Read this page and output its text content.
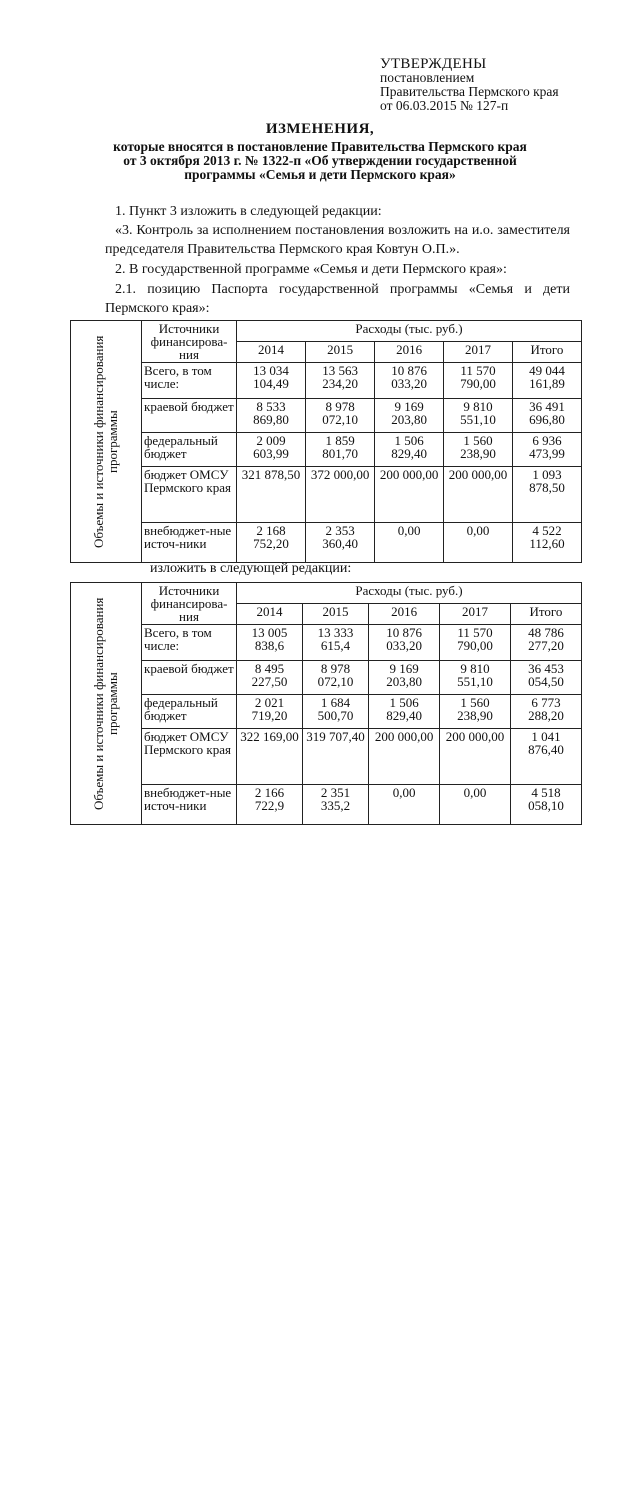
УТВЕРЖДЕНЫ
постановлением
Правительства Пермского края
от 06.03.2015 № 127-п
ИЗМЕНЕНИЯ,
которые вносятся в постановление Правительства Пермского края
от 3 октября 2013 г. № 1322-п «Об утверждении государственной
программы «Семья и дети Пермского края»
1. Пункт 3 изложить в следующей редакции:
«3. Контроль за исполнением постановления возложить на и.о. заместителя председателя Правительства Пермского края Ковтун О.П.».
2. В государственной программе «Семья и дети Пермского края»:
2.1. позицию Паспорта государственной программы «Семья и дети Пермского края»:
Объемы и источники финансирования программы	Источники финансирова-ния	Расходы (тыс. руб.)				
		2014	2015	2016	2017	Итого
	Всего, в том числе:	13 034 104,49	13 563 234,20	10 876 033,20	11 570 790,00	49 044 161,89
	краевой бюджет	8 533 869,80	8 978 072,10	9 169 203,80	9 810 551,10	36 491 696,80
	федеральный бюджет	2 009 603,99	1 859 801,70	1 506 829,40	1 560 238,90	6 936 473,99
	бюджет ОМСУ Пермского края	321 878,50	372 000,00	200 000,00	200 000,00	1 093 878,50
	внебюджет-ные источ-ники	2 168 752,20	2 353 360,40	0,00	0,00	4 522 112,60
изложить в следующей редакции:
Объемы и источники финансирования программы	Источники финансирова-ния	Расходы (тыс. руб.)				
		2014	2015	2016	2017	Итого
	Всего, в том числе:	13 005 838,6	13 333 615,4	10 876 033,20	11 570 790,00	48 786 277,20
	краевой бюджет	8 495 227,50	8 978 072,10	9 169 203,80	9 810 551,10	36 453 054,50
	федеральный бюджет	2 021 719,20	1 684 500,70	1 506 829,40	1 560 238,90	6 773 288,20
	бюджет ОМСУ Пермского края	322 169,00	319 707,40	200 000,00	200 000,00	1 041 876,40
	внебюджет-ные источ-ники	2 166 722,9	2 351 335,2	0,00	0,00	4 518 058,10
